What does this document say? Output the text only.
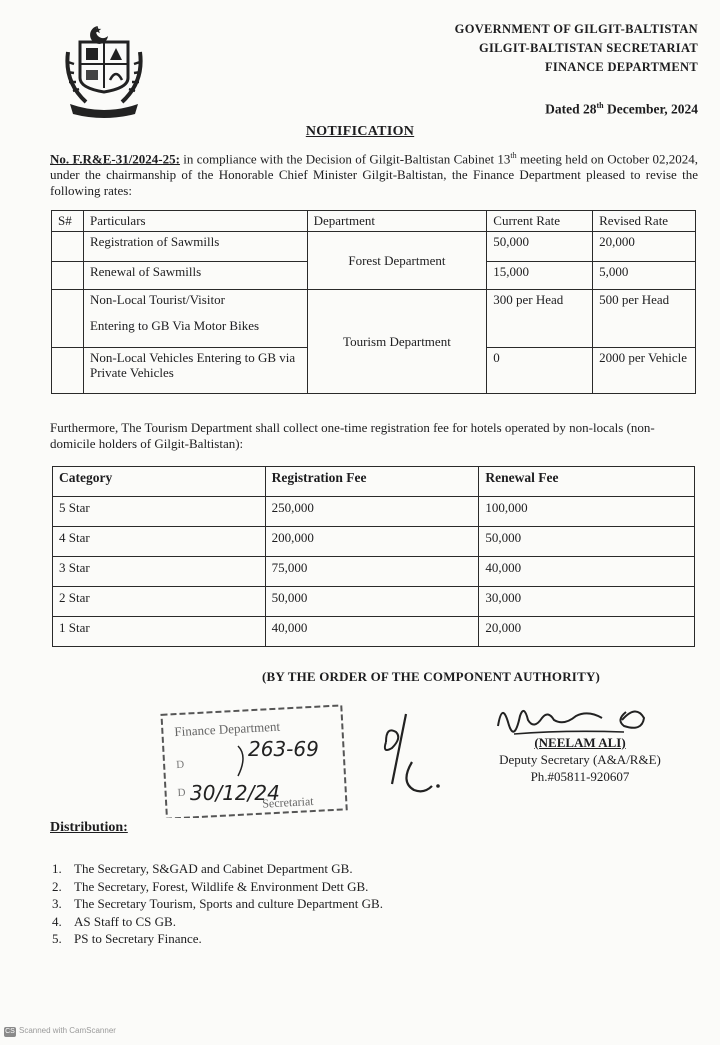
GOVERNMENT OF GILGIT-BALTISTAN
GILGIT-BALTISTAN SECRETARIAT
FINANCE DEPARTMENT
Dated 28th December, 2024
NOTIFICATION
No. F.R&E-31/2024-25: in compliance with the Decision of Gilgit-Baltistan Cabinet 13th meeting held on October 02,2024, under the chairmanship of the Honorable Chief Minister Gilgit-Baltistan, the Finance Department pleased to revise the following rates:
S#	Particulars	Department	Current Rate	Revised Rate
	Registration of Sawmills	Forest Department	50,000	20,000
	Renewal of Sawmills		15,000	5,000

	Non-Local Tourist/Visitor
Entering to GB Via Motor Bikes	Tourism Department	300 per Head	500 per Head
	Non-Local Vehicles Entering to GB via Private Vehicles		0	2000 per Vehicle
Furthermore, The Tourism Department shall collect one-time registration fee for hotels operated by non-locals (non-domicile holders of Gilgit-Baltistan):
Category	Registration Fee	Renewal Fee
5 Star	250,000	100,000
4 Star	200,000	50,000
3 Star	75,000	40,000
2 Star	50,000	30,000
1 Star	40,000	20,000
(BY THE ORDER OF THE COMPONENT AUTHORITY)
Finance Department
D
D
Secretariat
263-69
30/12/24
(NEELAM ALI)
Deputy Secretary (A&A/R&E)
Ph.#05811-920607
Distribution:
1. The Secretary, S&GAD and Cabinet Department GB.
2. The Secretary, Forest, Wildlife & Environment Dett GB.
3. The Secretary Tourism, Sports and culture Department GB.
4. AS Staff to CS GB.
5. PS to Secretary Finance.
CS Scanned with CamScanner
